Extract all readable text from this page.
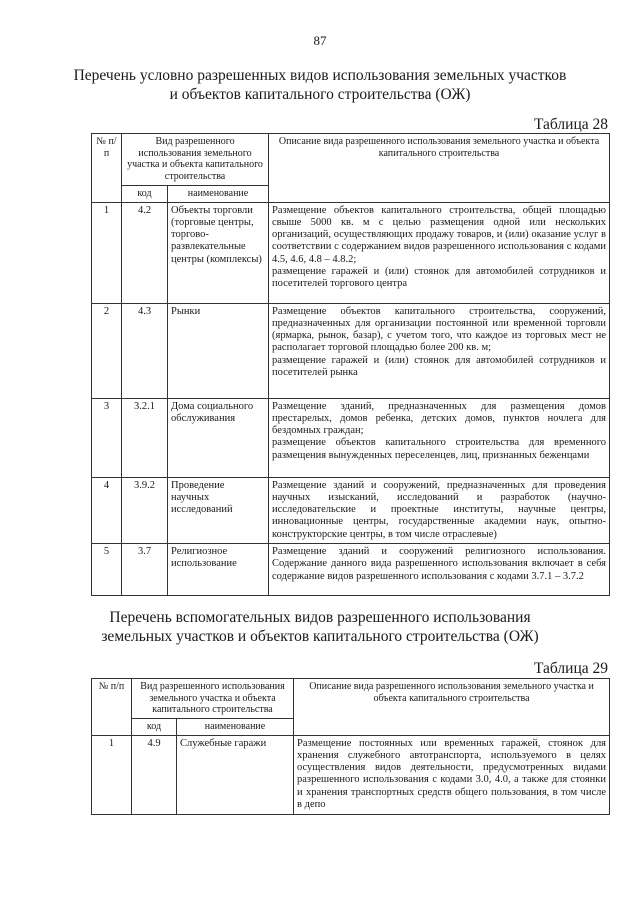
87
Перечень условно разрешенных видов использования земельных участков
и объектов капитального строительства (ОЖ)
Таблица 28
№ п/п	Вид разрешенного использования земельного участка и объекта капитального строительства		Описание вида разрешенного использования земельного участка и объекта капитального строительства
	код	наименование	
1	4.2	Объекты торговли (торговые центры, торгово-развлекательные центры (комплексы)	Размещение объектов капитального строительства, общей площадью свыше 5000 кв. м с целью размещения одной или нескольких организаций, осуществляющих продажу товаров, и (или) оказание услуг в соответствии с содержанием видов разрешенного использования с кодами 4.5, 4.6, 4.8 – 4.8.2;

размещение гаражей и (или) стоянок для автомобилей сотрудников и посетителей торгового центра

2	4.3	Рынки	Размещение объектов капитального строительства, сооружений, предназначенных для организации постоянной или временной торговли (ярмарка, рынок, базар), с учетом того, что каждое из торговых мест не располагает торговой площадью более 200 кв. м;

размещение гаражей и (или) стоянок для автомобилей сотрудников и посетителей рынка

3	3.2.1	Дома социального обслуживания	Размещение зданий, предназначенных для размещения домов престарелых, домов ребенка, детских домов, пунктов ночлега для бездомных граждан;

размещение объектов капитального строительства для временного размещения вынужденных переселенцев, лиц, признанных беженцами

4	3.9.2	Проведение научных исследований	Размещение зданий и сооружений, предназначенных для проведения научных изысканий, исследований и разработок (научно-исследовательские и проектные институты, научные центры, инновационные центры, государственные академии наук, опытно-конструкторские центры, в том числе отраслевые)

5	3.7	Религиозное использование	Размещение зданий и сооружений религиозного использования. Содержание данного вида разрешенного использования включает в себя содержание видов разрешенного использования с кодами 3.7.1 – 3.7.2

Перечень вспомогательных видов разрешенного использования
земельных участков и объектов капитального строительства (ОЖ)
Таблица 29
№ п/п	Вид разрешенного использования земельного участка и объекта капитального строительства		Описание вида разрешенного использования земельного участка и объекта капитального строительства
	код	наименование	
1	4.9	Служебные гаражи	Размещение постоянных или временных гаражей, стоянок для хранения служебного автотранспорта, используемого в целях осуществления видов деятельности, предусмотренных видами разрешенного использования с кодами 3.0, 4.0, а также для стоянки и хранения транспортных средств общего пользования, в том числе в депо
